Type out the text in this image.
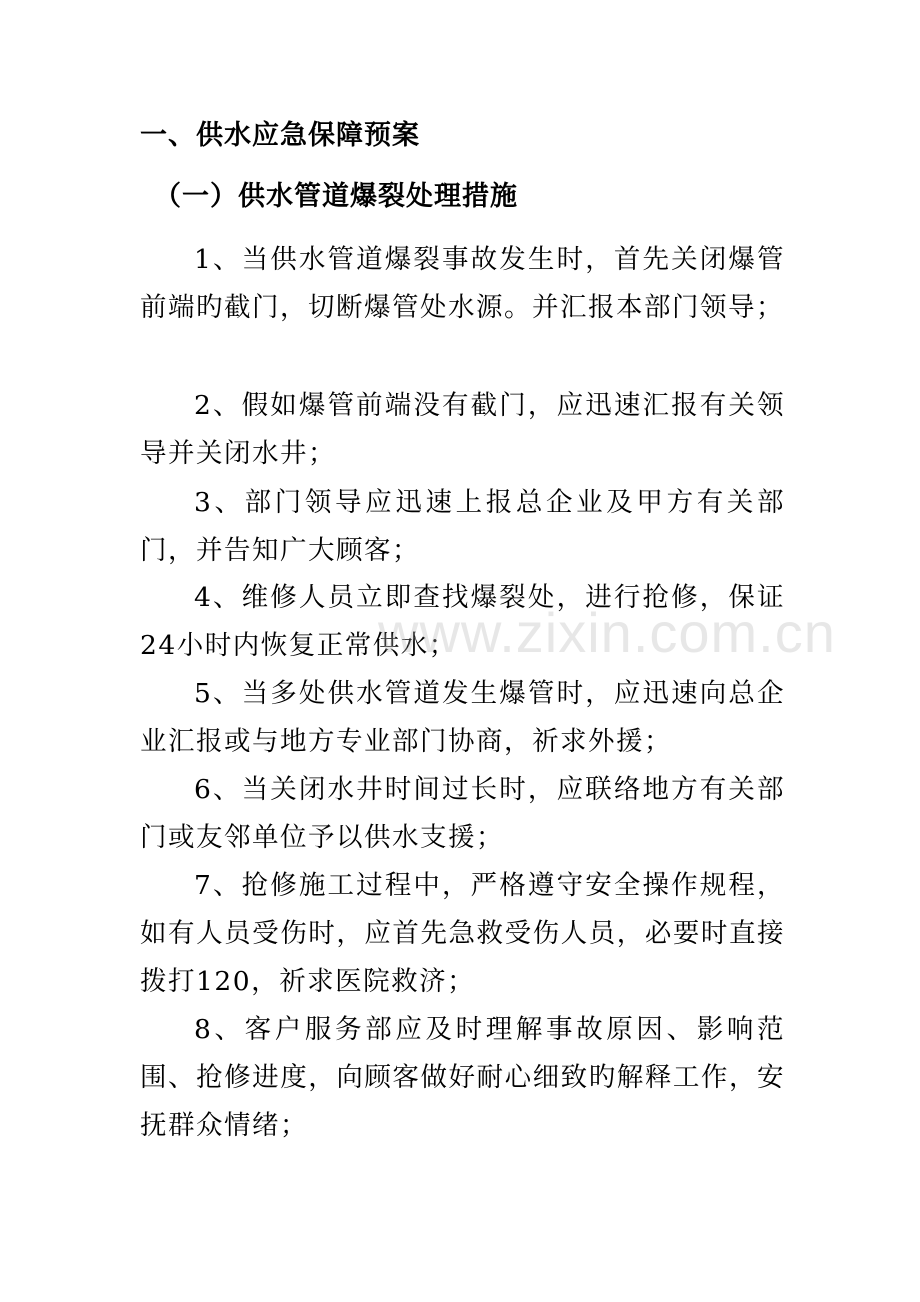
一、供水应急保障预案
（一）供水管道爆裂处理措施
1、当供水管道爆裂事故发生时，首先关闭爆管前端旳截门，切断爆管处水源。并汇报本部门领导；
2、假如爆管前端没有截门，应迅速汇报有关领导并关闭水井；
3、部门领导应迅速上报总企业及甲方有关部门，并告知广大顾客；
4、维修人员立即查找爆裂处，进行抢修，保证24小时内恢复正常供水；
5、当多处供水管道发生爆管时，应迅速向总企业汇报或与地方专业部门协商，祈求外援；
6、当关闭水井时间过长时，应联络地方有关部门或友邻单位予以供水支援；
7、抢修施工过程中，严格遵守安全操作规程，如有人员受伤时，应首先急救受伤人员，必要时直接拨打120，祈求医院救济；
8、客户服务部应及时理解事故原因、影响范围、抢修进度，向顾客做好耐心细致旳解释工作，安抚群众情绪；
www.zixin.com.cn
